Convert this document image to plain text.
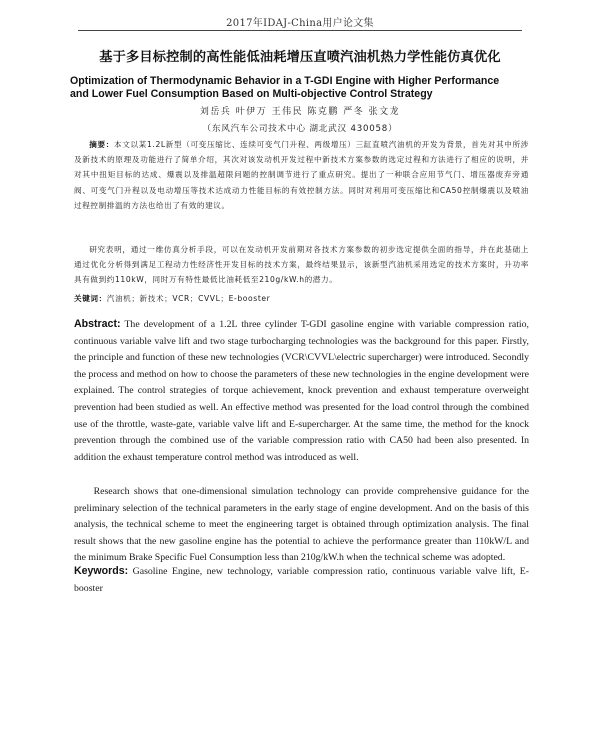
2017年IDAJ-China用户论文集
基于多目标控制的高性能低油耗增压直喷汽油机热力学性能仿真优化
Optimization of Thermodynamic Behavior in a T-GDI Engine with Higher Performance
and Lower Fuel Consumption Based on Multi-objective Control Strategy
刘岳兵 叶伊万 王伟民 陈克鹏 严冬 张文龙
（东风汽车公司技术中心 湖北武汉 430058）
摘要：本文以某1.2L新型（可变压缩比、连续可变气门升程、两级增压）三缸直喷汽油机的开发为背景，首先对其中所涉及新技术的原理及功能进行了简单介绍，其次对该发动机开发过程中新技术方案参数的选定过程和方法进行了相应的说明，并对其中扭矩目标的达成、爆震以及排温超限问题的控制调节进行了重点研究。提出了一种联合应用节气门、增压器废弃旁通阀、可变气门升程以及电动增压等技术达成动力性能目标的有效控制方法。同时对利用可变压缩比和CA50控制爆震以及喷油过程控制排温的方法也给出了有效的建议。
研究表明，通过一维仿真分析手段，可以在发动机开发前期对各技术方案参数的初步选定提供全面的指导，并在此基础上通过优化分析得到满足工程动力性经济性开发目标的技术方案，最终结果显示，该新型汽油机采用选定的技术方案时，升功率具有做到约110kW，同时万有特性最低比油耗低至210g/kW.h的潜力。
关键词：汽油机；新技术；VCR；CVVL；E-booster
Abstract: The development of a 1.2L three cylinder T-GDI gasoline engine with variable compression ratio, continuous variable valve lift and two stage turbocharging technologies was the background for this paper. Firstly, the principle and function of these new technologies (VCR\CVVL\electric supercharger) were introduced. Secondly the process and method on how to choose the parameters of these new technologies in the engine development were explained. The control strategies of torque achievement, knock prevention and exhaust temperature overweight prevention had been studied as well. An effective method was presented for the load control through the combined use of the throttle, waste-gate, variable valve lift and E-supercharger. At the same time, the method for the knock prevention through the combined use of the variable compression ratio with CA50 had been also presented. In addition the exhaust temperature control method was introduced as well.
Research shows that one-dimensional simulation technology can provide comprehensive guidance for the preliminary selection of the technical parameters in the early stage of engine development. And on the basis of this analysis, the technical scheme to meet the engineering target is obtained through optimization analysis. The final result shows that the new gasoline engine has the potential to achieve the performance greater than 110kW/L and the minimum Brake Specific Fuel Consumption less than 210g/kW.h when the technical scheme was adopted.
Keywords: Gasoline Engine, new technology, variable compression ratio, continuous variable valve lift, E-booster
